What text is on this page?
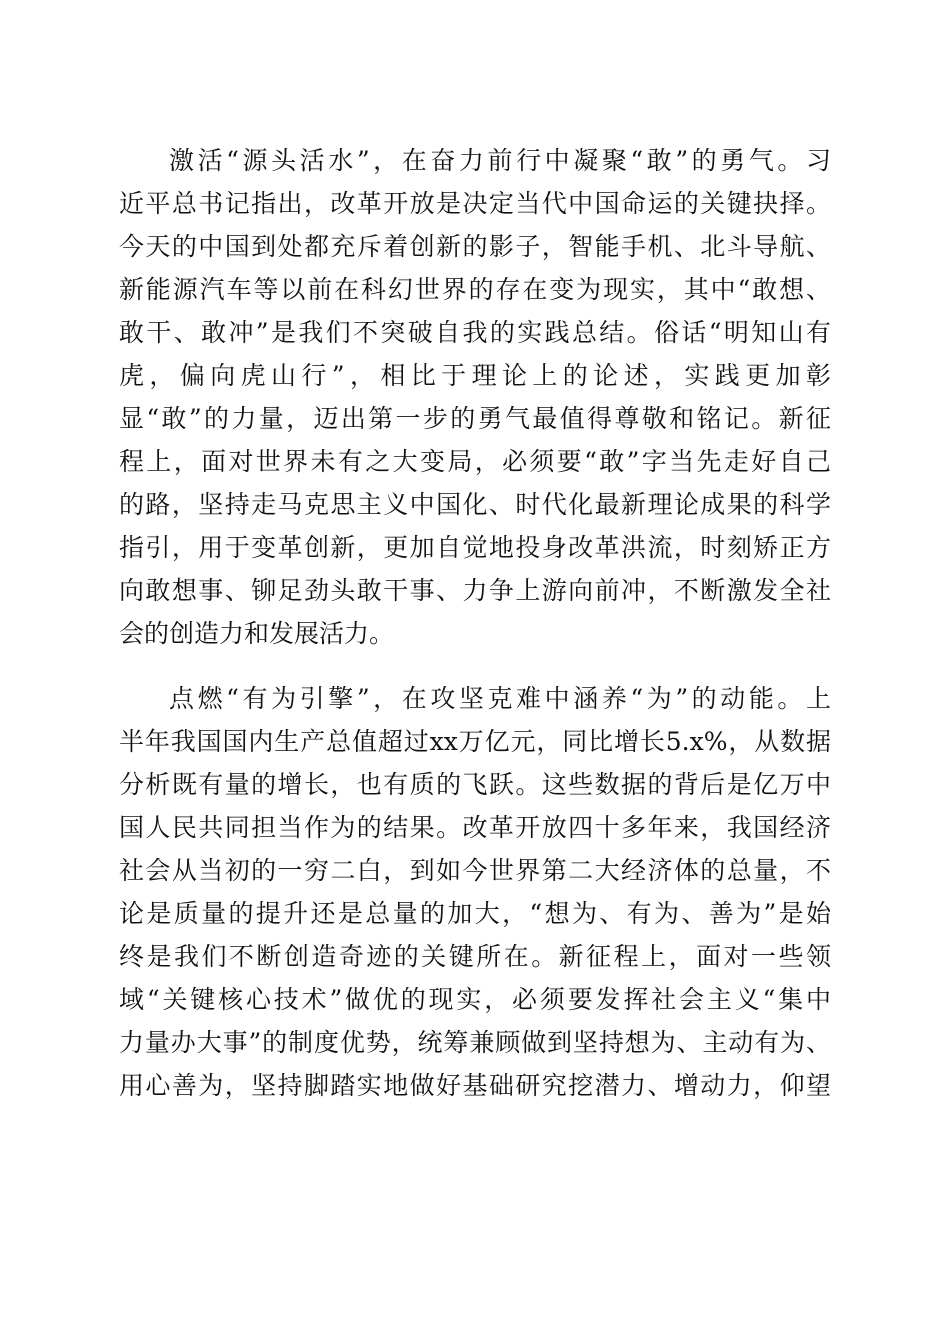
激活“源头活水”，在奋力前行中凝聚“敢”的勇气。习
近平总书记指出，改革开放是决定当代中国命运的关键抉择。
今天的中国到处都充斥着创新的影子，智能手机、北斗导航、
新能源汽车等以前在科幻世界的存在变为现实，其中“敢想、
敢干、敢冲”是我们不突破自我的实践总结。俗话“明知山有
虎，偏向虎山行”，相比于理论上的论述，实践更加彰
显“敢”的力量，迈出第一步的勇气最值得尊敬和铭记。新征
程上，面对世界未有之大变局，必须要“敢”字当先走好自己
的路，坚持走马克思主义中国化、时代化最新理论成果的科学
指引，用于变革创新，更加自觉地投身改革洪流，时刻矫正方
向敢想事、铆足劲头敢干事、力争上游向前冲，不断激发全社
会的创造力和发展活力。
点燃“有为引擎”，在攻坚克难中涵养“为”的动能。上
半年我国国内生产总值超过xx万亿元，同比增长5.x%，从数据
分析既有量的增长，也有质的飞跃。这些数据的背后是亿万中
国人民共同担当作为的结果。改革开放四十多年来，我国经济
社会从当初的一穷二白，到如今世界第二大经济体的总量，不
论是质量的提升还是总量的加大，“想为、有为、善为”是始
终是我们不断创造奇迹的关键所在。新征程上，面对一些领
域“关键核心技术”做优的现实，必须要发挥社会主义“集中
力量办大事”的制度优势，统筹兼顾做到坚持想为、主动有为、
用心善为，坚持脚踏实地做好基础研究挖潜力、增动力，仰望
